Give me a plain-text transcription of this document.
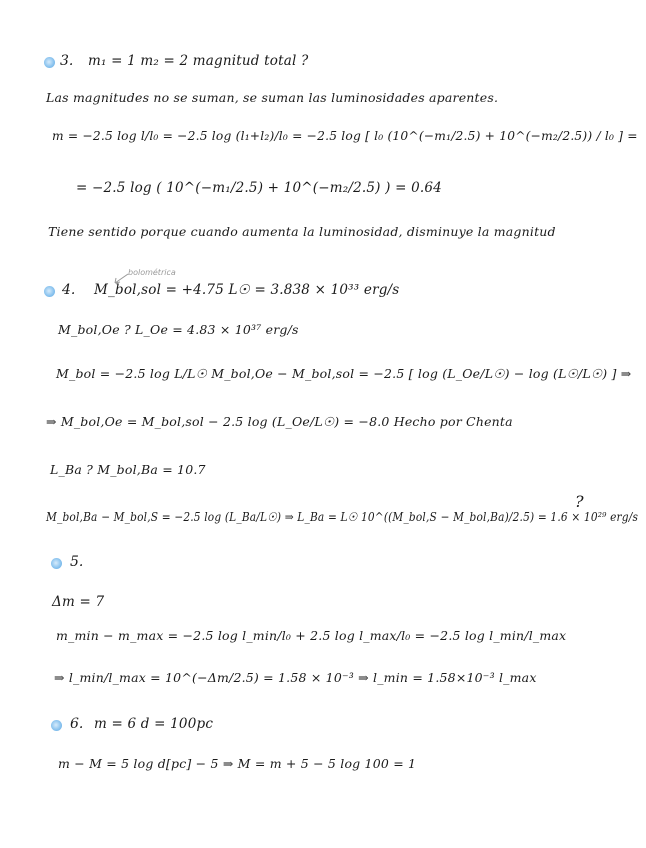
3.
4.
5.
6.
m₁ = 1 m₂ = 2 magnitud total ?
Las magnitudes no se suman, se suman las luminosidades aparentes.
m = −2.5 log l/l₀ = −2.5 log (l₁+l₂)/l₀ = −2.5 log [ l₀ (10^(−m₁/2.5) + 10^(−m₂/2.5)) / l₀ ] =
= −2.5 log ( 10^(−m₁/2.5) + 10^(−m₂/2.5) ) = 0.64
Tiene sentido porque cuando aumenta la luminosidad, disminuye la magnitud
bolométrica
M_bol,sol = +4.75 L☉ = 3.838 × 10³³ erg/s
M_bol,Oe ? L_Oe = 4.83 × 10³⁷ erg/s
M_bol = −2.5 log L/L☉ M_bol,Oe − M_bol,sol = −2.5 [ log (L_Oe/L☉) − log (L☉/L☉) ] ⇒
⇒ M_bol,Oe = M_bol,sol − 2.5 log (L_Oe/L☉) = −8.0 Hecho por Chenta
L_Ba ? M_bol,Ba = 10.7
M_bol,Ba − M_bol,S = −2.5 log (L_Ba/L☉) ⇒ L_Ba = L☉ 10^((M_bol,S − M_bol,Ba)/2.5) = 1.6 × 10²⁹ erg/s
?
Δm = 7
m_min − m_max = −2.5 log l_min/l₀ + 2.5 log l_max/l₀ = −2.5 log l_min/l_max
⇒ l_min/l_max = 10^(−Δm/2.5) = 1.58 × 10⁻³ ⇒ l_min = 1.58×10⁻³ l_max
m = 6 d = 100pc
m − M = 5 log d[pc] − 5 ⇒ M = m + 5 − 5 log 100 = 1
